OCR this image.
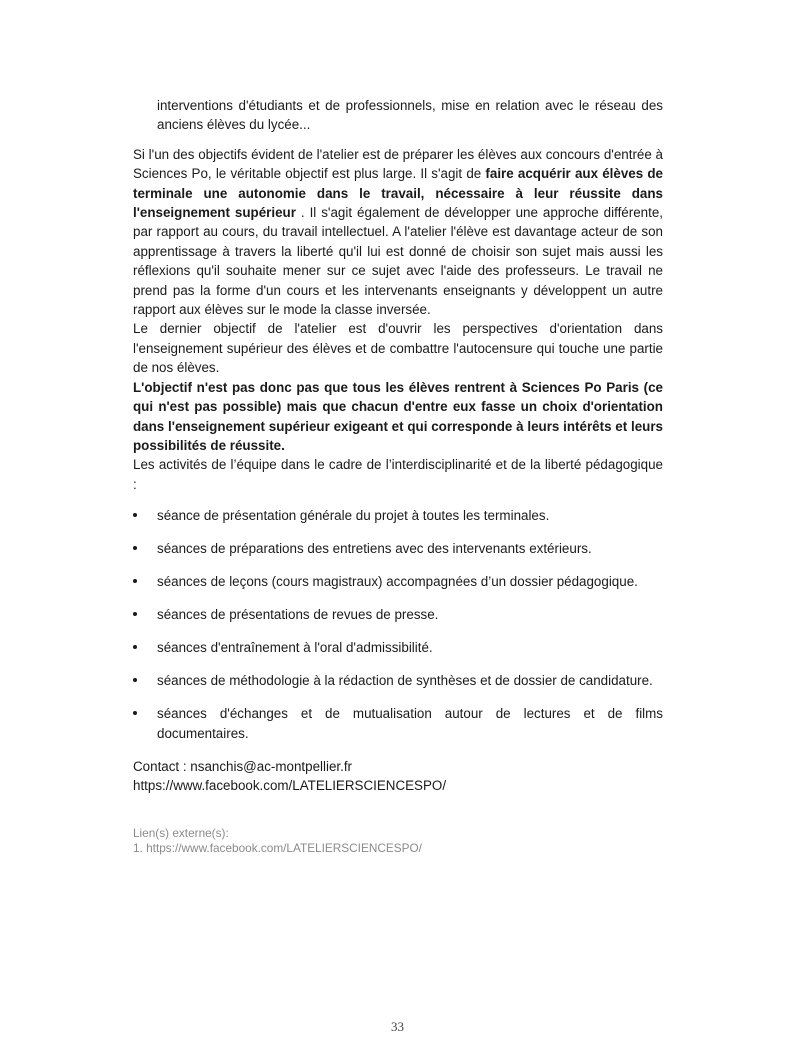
interventions d'étudiants et de professionnels, mise en relation avec le réseau des anciens élèves du lycée...

Si l'un des objectifs évident de l'atelier est de préparer les élèves aux concours d'entrée à Sciences Po, le véritable objectif est plus large. Il s'agit de faire acquérir aux élèves de terminale une autonomie dans le travail, nécessaire à leur réussite dans l'enseignement supérieur . Il s'agit également de développer une approche différente, par rapport au cours, du travail intellectuel. A l'atelier l'élève est davantage acteur de son apprentissage à travers la liberté qu'il lui est donné de choisir son sujet mais aussi les réflexions qu'il souhaite mener sur ce sujet avec l'aide des professeurs. Le travail ne prend pas la forme d'un cours et les intervenants enseignants y développent un autre rapport aux élèves sur le mode la classe inversée.

Le dernier objectif de l'atelier est d'ouvrir les perspectives d'orientation dans l'enseignement supérieur des élèves et de combattre l'autocensure qui touche une partie de nos élèves.

L'objectif n'est pas donc pas que tous les élèves rentrent à Sciences Po Paris (ce qui n'est pas possible) mais que chacun d'entre eux fasse un choix d'orientation dans l'enseignement supérieur exigeant et qui corresponde à leurs intérêts et leurs possibilités de réussite.

Les activités de l’équipe dans le cadre de l’interdisciplinarité et de la liberté pédagogique :

séance de présentation générale du projet à toutes les terminales.
séances de préparations des entretiens avec des intervenants extérieurs.
séances de leçons (cours magistraux) accompagnées d’un dossier pédagogique.
séances de présentations de revues de presse.
séances d'entraînement à l'oral d'admissibilité.
séances de méthodologie à la rédaction de synthèses et de dossier de candidature.
séances d'échanges et de mutualisation autour de lectures et de films documentaires.
Contact : nsanchis@ac-montpellier.fr
https://www.facebook.com/LATELIERSCIENCESPO/
Lien(s) externe(s):
1. https://www.facebook.com/LATELIERSCIENCESPO/
33
